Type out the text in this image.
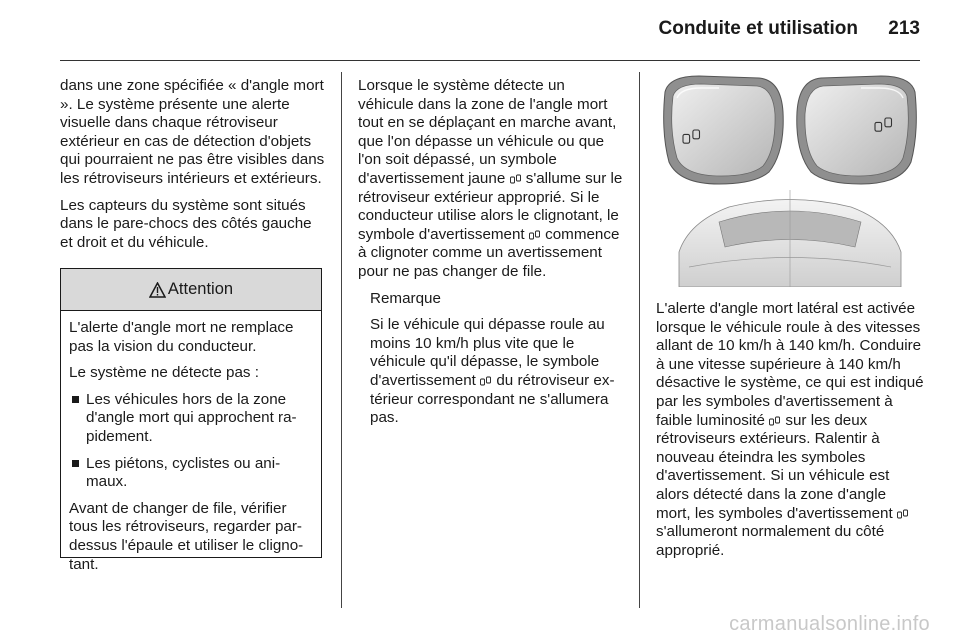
Conduite et utilisation 213

dans une zone spécifiée « d'angle mort ». Le système présente une alerte visuelle dans chaque rétroviseur extérieur en cas de détection d'objets qui pourraient ne pas être visibles dans les rétroviseurs intérieurs et extérieurs.

Les capteurs du système sont situés dans le pare-chocs des côtés gauche et droit et du véhicule.

Attention

L'alerte d'angle mort ne remplace pas la vision du conducteur.

Le système ne détecte pas :

Les véhicules hors de la zone d'angle mort qui approchent rapidement.
Les piétons, cyclistes ou animaux.

Avant de changer de file, vérifier tous les rétroviseurs, regarder par-dessus l'épaule et utiliser le clignotant.

Lorsque le système détecte un véhicule dans la zone de l'angle mort tout en se déplaçant en marche avant, que l'on dépasse un véhicule ou que l'on soit dépassé, un symbole d'avertissement jaune s'allume sur le rétroviseur extérieur approprié. Si le conducteur utilise alors le clignotant, le symbole d'avertissement commence à clignoter comme un avertissement pour ne pas changer de file.

Remarque

Si le véhicule qui dépasse roule au moins 10 km/h plus vite que le véhicule qu'il dépasse, le symbole d'avertissement du rétroviseur extérieur correspondant ne s'allumera pas.

L'alerte d'angle mort latéral est activée lorsque le véhicule roule à des vitesses allant de 10 km/h à 140 km/h. Conduire à une vitesse supérieure à 140 km/h désactive le système, ce qui est indiqué par les symboles d'avertissement à faible luminosité sur les deux rétroviseurs extérieurs. Ralentir à nouveau éteindra les symboles d'avertissement. Si un véhicule est alors détecté dans la zone d'angle mort, les symboles d'avertissement  s'allumeront normalement du côté approprié.

carmanualsonline.info
